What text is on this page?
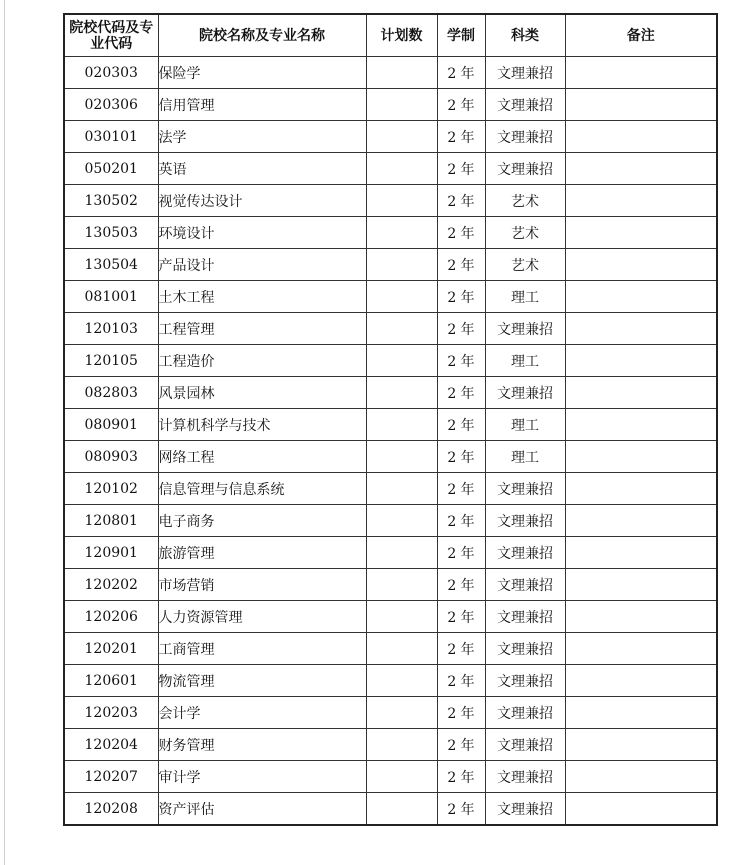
院校代码及专业代码	院校名称及专业名称	计划数	学制	科类	备注
020303	保险学		2 年	文理兼招	
020306	信用管理		2 年	文理兼招	
030101	法学		2 年	文理兼招	
050201	英语		2 年	文理兼招	
130502	视觉传达设计		2 年	艺术	
130503	环境设计		2 年	艺术	
130504	产品设计		2 年	艺术	
081001	土木工程		2 年	理工	
120103	工程管理		2 年	文理兼招	
120105	工程造价		2 年	理工	
082803	风景园林		2 年	文理兼招	
080901	计算机科学与技术		2 年	理工	
080903	网络工程		2 年	理工	
120102	信息管理与信息系统		2 年	文理兼招	
120801	电子商务		2 年	文理兼招	
120901	旅游管理		2 年	文理兼招	
120202	市场营销		2 年	文理兼招	
120206	人力资源管理		2 年	文理兼招	
120201	工商管理		2 年	文理兼招	
120601	物流管理		2 年	文理兼招	
120203	会计学		2 年	文理兼招	
120204	财务管理		2 年	文理兼招	
120207	审计学		2 年	文理兼招	
120208	资产评估		2 年	文理兼招	
